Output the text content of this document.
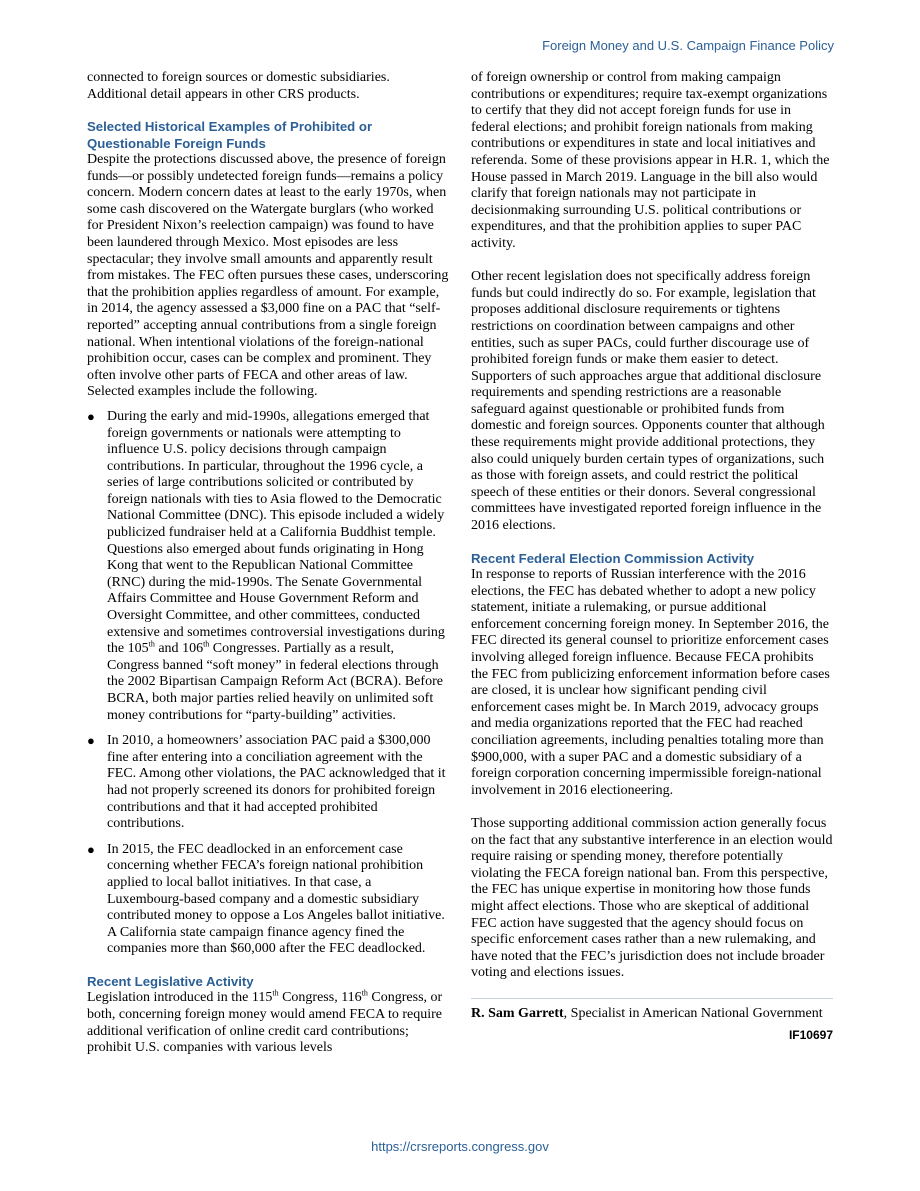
Foreign Money and U.S. Campaign Finance Policy

connected to foreign sources or domestic subsidiaries. Additional detail appears in other CRS products.

Selected Historical Examples of Prohibited or Questionable Foreign Funds

Despite the protections discussed above, the presence of foreign funds—or possibly undetected foreign funds—remains a policy concern. Modern concern dates at least to the early 1970s, when some cash discovered on the Watergate burglars (who worked for President Nixon’s reelection campaign) was found to have been laundered through Mexico. Most episodes are less spectacular; they involve small amounts and apparently result from mistakes. The FEC often pursues these cases, underscoring that the prohibition applies regardless of amount. For example, in 2014, the agency assessed a $3,000 fine on a PAC that “self-reported” accepting annual contributions from a single foreign national. When intentional violations of the foreign-national prohibition occur, cases can be complex and prominent. They often involve other parts of FECA and other areas of law. Selected examples include the following.

● During the early and mid-1990s, allegations emerged that foreign governments or nationals were attempting to influence U.S. policy decisions through campaign contributions. In particular, throughout the 1996 cycle, a series of large contributions solicited or contributed by foreign nationals with ties to Asia flowed to the Democratic National Committee (DNC). This episode included a widely publicized fundraiser held at a California Buddhist temple. Questions also emerged about funds originating in Hong Kong that went to the Republican National Committee (RNC) during the mid-1990s. The Senate Governmental Affairs Committee and House Government Reform and Oversight Committee, and other committees, conducted extensive and sometimes controversial investigations during the 105th and 106th Congresses. Partially as a result, Congress banned “soft money” in federal elections through the 2002 Bipartisan Campaign Reform Act (BCRA). Before BCRA, both major parties relied heavily on unlimited soft money contributions for “party-building” activities.
● In 2010, a homeowners’ association PAC paid a $300,000 fine after entering into a conciliation agreement with the FEC. Among other violations, the PAC acknowledged that it had not properly screened its donors for prohibited foreign contributions and that it had accepted prohibited contributions.
● In 2015, the FEC deadlocked in an enforcement case concerning whether FECA’s foreign national prohibition applied to local ballot initiatives. In that case, a Luxembourg-based company and a domestic subsidiary contributed money to oppose a Los Angeles ballot initiative. A California state campaign finance agency fined the companies more than $60,000 after the FEC deadlocked.
Recent Legislative Activity

Legislation introduced in the 115th Congress, 116th Congress, or both, concerning foreign money would amend FECA to require additional verification of online credit card contributions; prohibit U.S. companies with various levels

of foreign ownership or control from making campaign contributions or expenditures; require tax-exempt organizations to certify that they did not accept foreign funds for use in federal elections; and prohibit foreign nationals from making contributions or expenditures in state and local initiatives and referenda. Some of these provisions appear in H.R. 1, which the House passed in March 2019. Language in the bill also would clarify that foreign nationals may not participate in decisionmaking surrounding U.S. political contributions or expenditures, and that the prohibition applies to super PAC activity.

Other recent legislation does not specifically address foreign funds but could indirectly do so. For example, legislation that proposes additional disclosure requirements or tightens restrictions on coordination between campaigns and other entities, such as super PACs, could further discourage use of prohibited foreign funds or make them easier to detect. Supporters of such approaches argue that additional disclosure requirements and spending restrictions are a reasonable safeguard against questionable or prohibited funds from domestic and foreign sources. Opponents counter that although these requirements might provide additional protections, they also could uniquely burden certain types of organizations, such as those with foreign assets, and could restrict the political speech of these entities or their donors. Several congressional committees have investigated reported foreign influence in the 2016 elections.

Recent Federal Election Commission Activity

In response to reports of Russian interference with the 2016 elections, the FEC has debated whether to adopt a new policy statement, initiate a rulemaking, or pursue additional enforcement concerning foreign money. In September 2016, the FEC directed its general counsel to prioritize enforcement cases involving alleged foreign influence. Because FECA prohibits the FEC from publicizing enforcement information before cases are closed, it is unclear how significant pending civil enforcement cases might be. In March 2019, advocacy groups and media organizations reported that the FEC had reached conciliation agreements, including penalties totaling more than $900,000, with a super PAC and a domestic subsidiary of a foreign corporation concerning impermissible foreign-national involvement in 2016 electioneering.

Those supporting additional commission action generally focus on the fact that any substantive interference in an election would require raising or spending money, therefore potentially violating the FECA foreign national ban. From this perspective, the FEC has unique expertise in monitoring how those funds might affect elections. Those who are skeptical of additional FEC action have suggested that the agency should focus on specific enforcement cases rather than a new rulemaking, and have noted that the FEC’s jurisdiction does not include broader voting and elections issues.

R. Sam Garrett, Specialist in American National Government

IF10697
https://crsreports.congress.gov
